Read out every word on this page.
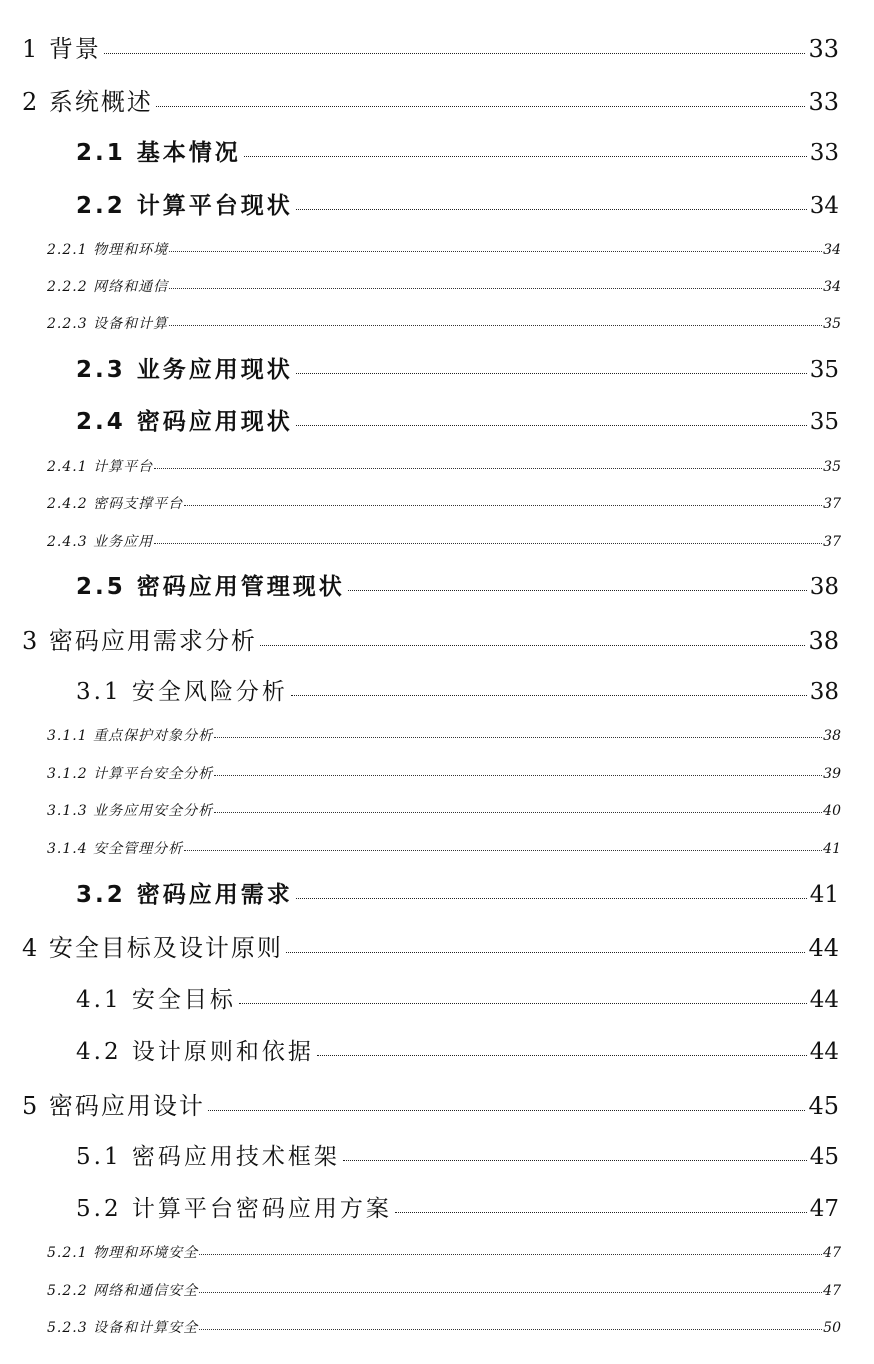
1 背景	33
2 系统概述	33
2.1 基本情况	33
2.2 计算平台现状	34
2.2.1 物理和环境	34
2.2.2 网络和通信	34
2.2.3 设备和计算	35
2.3 业务应用现状	35
2.4 密码应用现状	35
2.4.1 计算平台	35
2.4.2 密码支撑平台	37
2.4.3 业务应用	37
2.5 密码应用管理现状	38
3 密码应用需求分析	38
3.1 安全风险分析	38
3.1.1 重点保护对象分析	38
3.1.2 计算平台安全分析	39
3.1.3 业务应用安全分析	40
3.1.4 安全管理分析	41
3.2 密码应用需求	41
4 安全目标及设计原则	44
4.1 安全目标	44
4.2 设计原则和依据	44
5 密码应用设计	45
5.1 密码应用技术框架	45
5.2 计算平台密码应用方案	47
5.2.1 物理和环境安全	47
5.2.2 网络和通信安全	47
5.2.3 设备和计算安全	50
